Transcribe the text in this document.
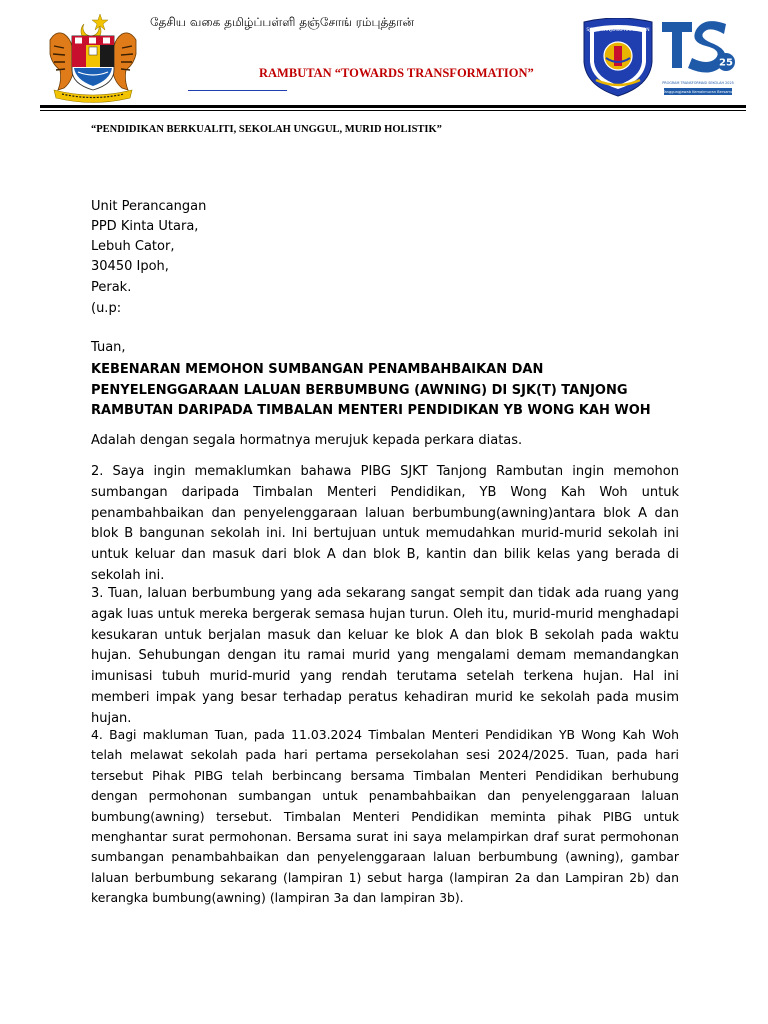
தேசிய வகை தமிழ்ப்பள்ளி தஞ்சோங் ரம்புத்தான்
RAMBUTAN “TOWARDS TRANSFORMATION”
SJK(T) TANJONG RAMBUTAN
25
PROGRAM TRANSFORMASI SEKOLAH 2025
Tanggungjawab Kemakmuran Bersama
“PENDIDIKAN BERKUALITI, SEKOLAH UNGGUL, MURID HOLISTIK”
Unit Perancangan
PPD Kinta Utara,
Lebuh Cator,
30450 Ipoh,
Perak.
(u.p:
Tuan,
KEBENARAN MEMOHON SUMBANGAN PENAMBAHBAIKAN DAN PENYELENGGARAAN LALUAN BERBUMBUNG (AWNING) DI SJK(T) TANJONG RAMBUTAN DARIPADA TIMBALAN MENTERI PENDIDIKAN YB WONG KAH WOH
Adalah dengan segala hormatnya merujuk kepada perkara diatas.
2. Saya ingin memaklumkan bahawa PIBG SJKT Tanjong Rambutan ingin memohon sumbangan daripada Timbalan Menteri Pendidikan, YB Wong Kah Woh untuk penambahbaikan dan penyelenggaraan laluan berbumbung(awning)antara blok A dan blok B bangunan sekolah ini. Ini bertujuan untuk memudahkan murid-murid sekolah ini untuk keluar dan masuk dari blok A dan blok B, kantin dan bilik kelas yang berada di sekolah ini.
3. Tuan, laluan berbumbung yang ada sekarang sangat sempit dan tidak ada ruang yang agak luas untuk mereka bergerak semasa hujan turun. Oleh itu, murid-murid menghadapi kesukaran untuk berjalan masuk dan keluar ke blok A dan blok B sekolah pada waktu hujan. Sehubungan dengan itu ramai murid yang mengalami demam memandangkan imunisasi tubuh murid-murid yang rendah terutama setelah terkena hujan. Hal ini memberi impak yang besar terhadap peratus kehadiran murid ke sekolah pada musim hujan.
4. Bagi makluman Tuan, pada 11.03.2024 Timbalan Menteri Pendidikan YB Wong Kah Woh telah melawat sekolah pada hari pertama persekolahan sesi 2024/2025. Tuan, pada hari tersebut Pihak PIBG telah berbincang bersama Timbalan Menteri Pendidikan berhubung dengan permohonan sumbangan untuk penambahbaikan dan penyelenggaraan laluan bumbung(awning) tersebut. Timbalan Menteri Pendidikan meminta pihak PIBG untuk menghantar surat permohonan. Bersama surat ini saya melampirkan draf surat permohonan sumbangan penambahbaikan dan penyelenggaraan laluan berbumbung (awning), gambar laluan berbumbung sekarang (lampiran 1) sebut harga (lampiran 2a dan Lampiran 2b) dan kerangka bumbung(awning) (lampiran 3a dan lampiran 3b).
